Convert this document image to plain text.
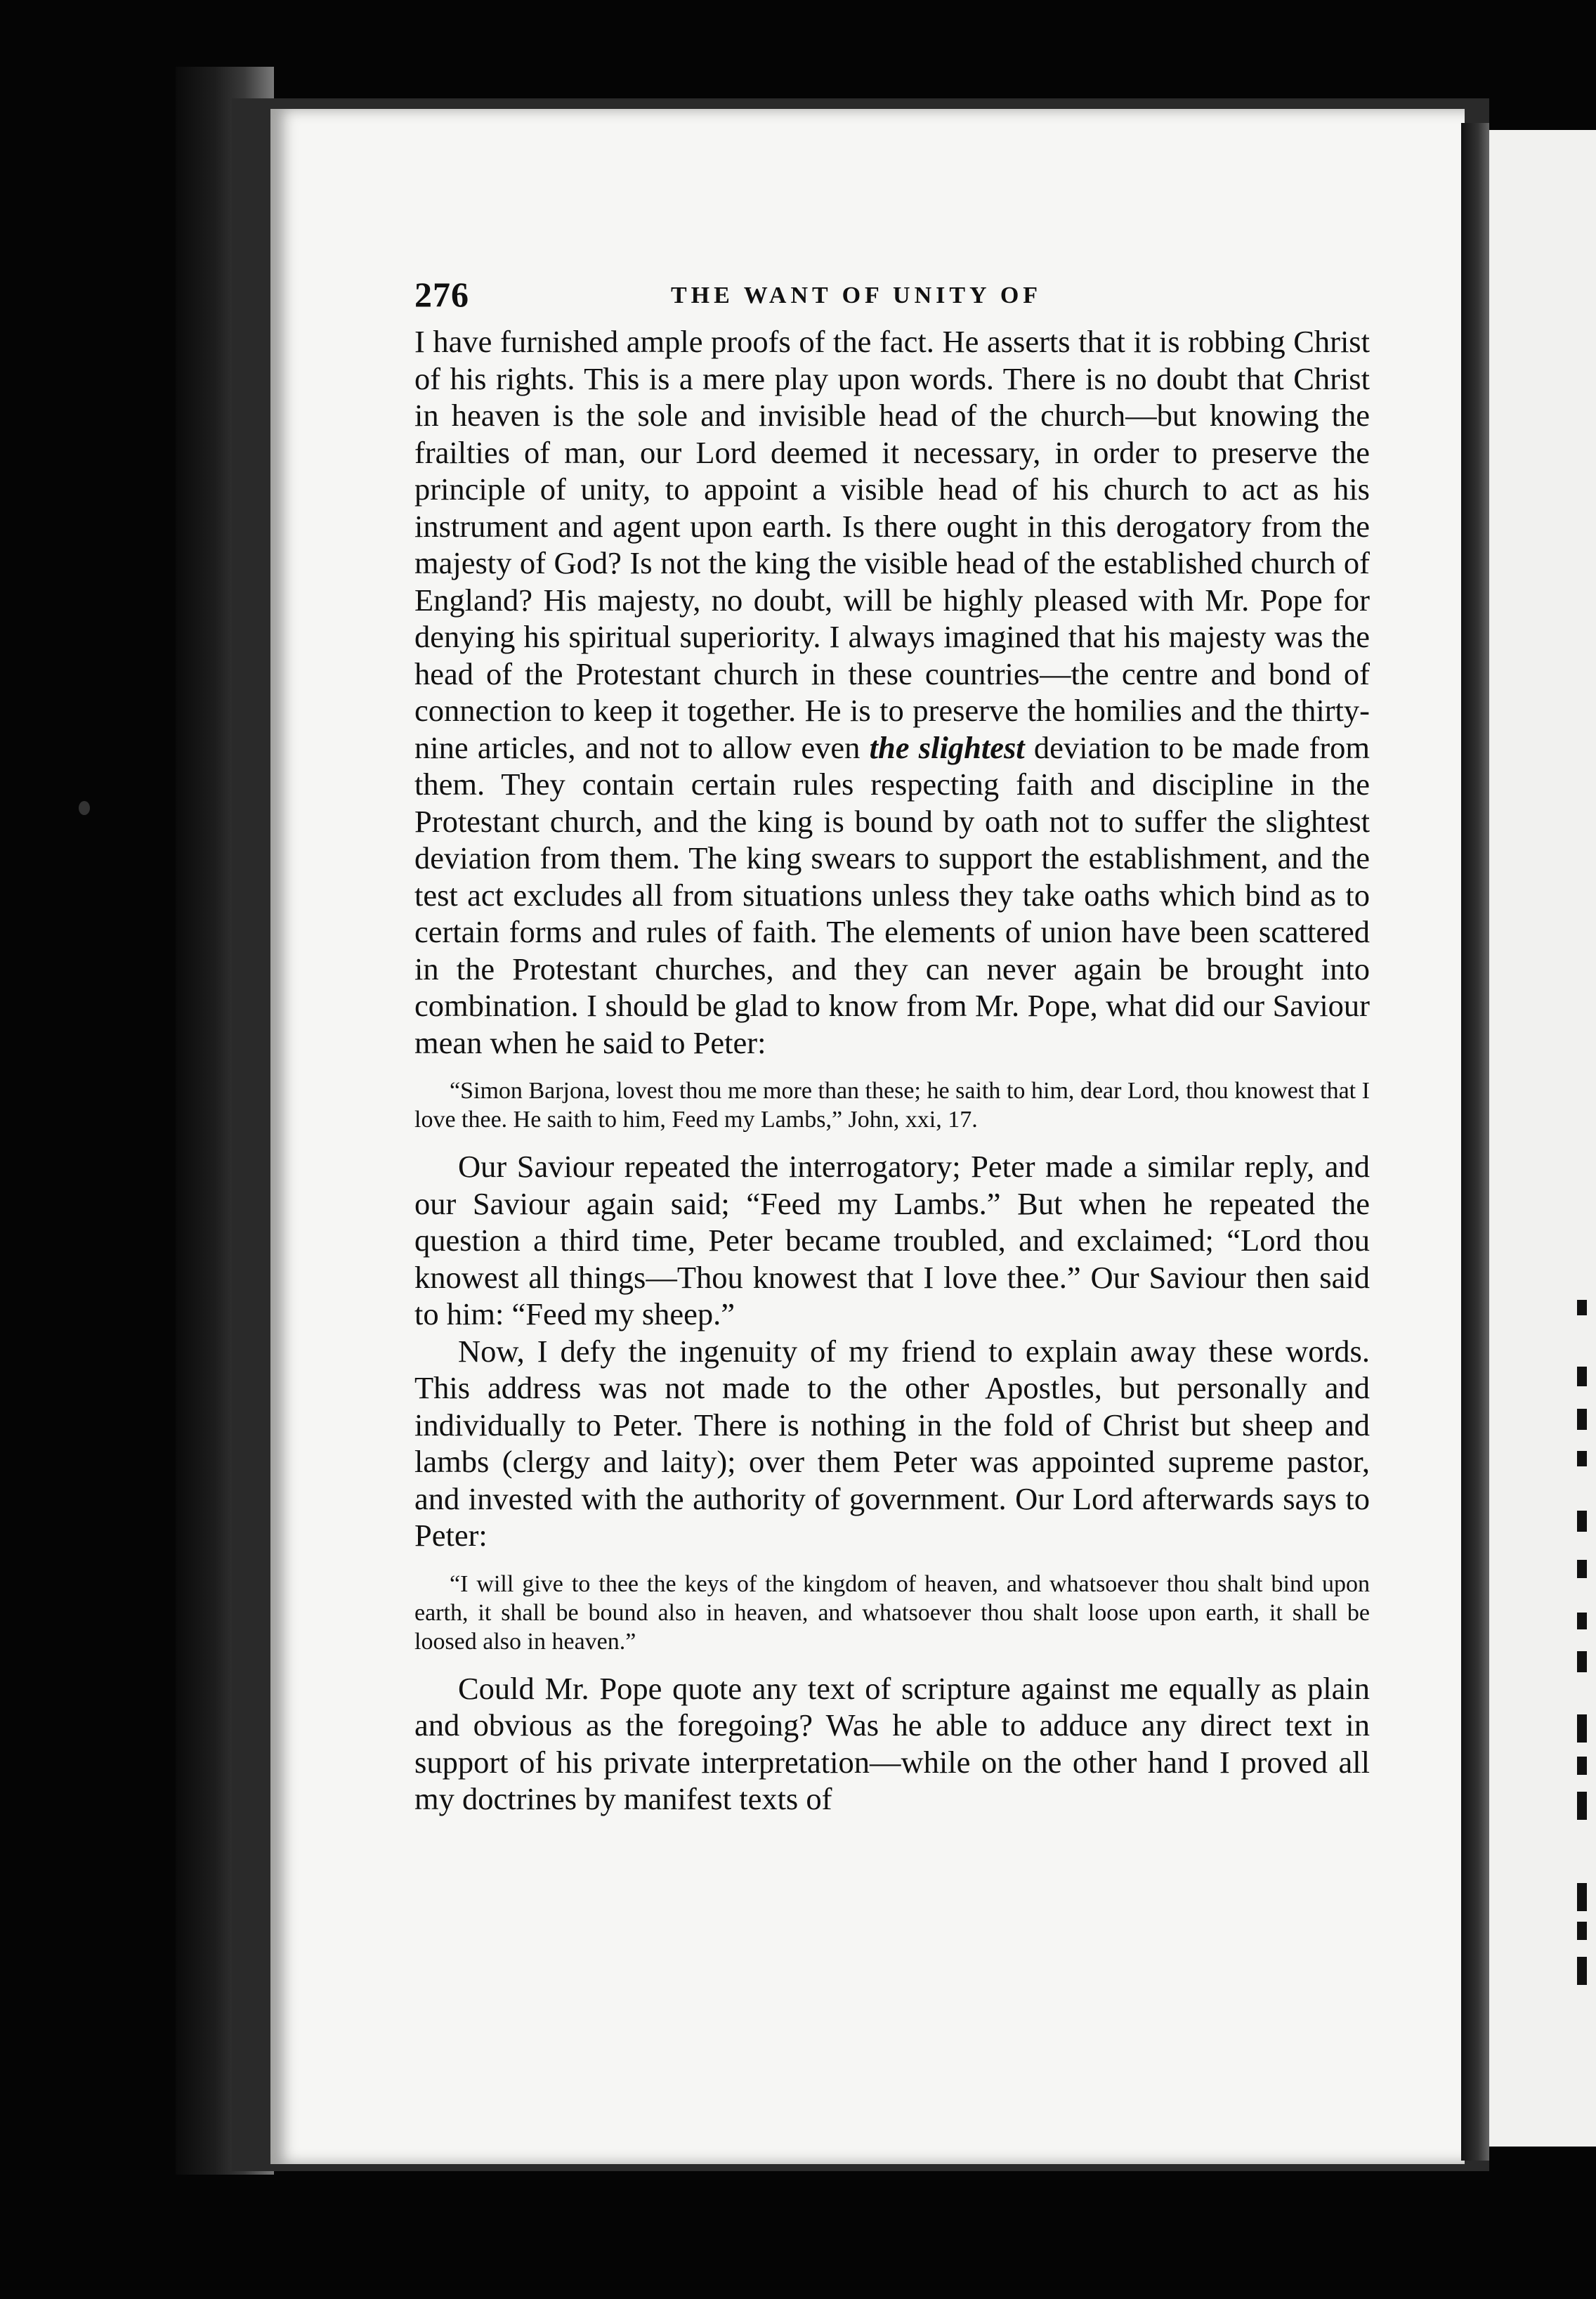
276	THE WANT OF UNITY OF

I have furnished ample proofs of the fact. He asserts that it is robbing Christ of his rights. This is a mere play upon words. There is no doubt that Christ in heaven is the sole and invisible head of the church—but knowing the frailties of man, our Lord deemed it necessary, in order to preserve the principle of unity, to appoint a visible head of his church to act as his instrument and agent upon earth. Is there ought in this derogatory from the majesty of God? Is not the king the visible head of the established church of England? His majesty, no doubt, will be highly pleased with Mr. Pope for denying his spiritual superiority. I always imagined that his majesty was the head of the Protestant church in these countries—the centre and bond of connection to keep it together. He is to preserve the homilies and the thirty-nine articles, and not to allow even the slightest deviation to be made from them. They contain certain rules respecting faith and discipline in the Protestant church, and the king is bound by oath not to suffer the slightest deviation from them. The king swears to support the establishment, and the test act excludes all from situations unless they take oaths which bind as to certain forms and rules of faith. The elements of union have been scattered in the Protestant churches, and they can never again be brought into combination. I should be glad to know from Mr. Pope, what did our Saviour mean when he said to Peter:

“Simon Barjona, lovest thou me more than these; he saith to him, dear Lord, thou knowest that I love thee. He saith to him, Feed my Lambs,” John, xxi, 17.

Our Saviour repeated the interrogatory; Peter made a similar reply, and our Saviour again said; “Feed my Lambs.” But when he repeated the question a third time, Peter became troubled, and exclaimed; “Lord thou knowest all things—Thou knowest that I love thee.” Our Saviour then said to him: “Feed my sheep.”

Now, I defy the ingenuity of my friend to explain away these words. This address was not made to the other Apostles, but personally and individually to Peter. There is nothing in the fold of Christ but sheep and lambs (clergy and laity); over them Peter was appointed supreme pastor, and invested with the authority of government. Our Lord afterwards says to Peter:

“I will give to thee the keys of the kingdom of heaven, and whatsoever thou shalt bind upon earth, it shall be bound also in heaven, and whatsoever thou shalt loose upon earth, it shall be loosed also in heaven.”

Could Mr. Pope quote any text of scripture against me equally as plain and obvious as the foregoing? Was he able to adduce any direct text in support of his private interpretation—while on the other hand I proved all my doctrines by manifest texts of
